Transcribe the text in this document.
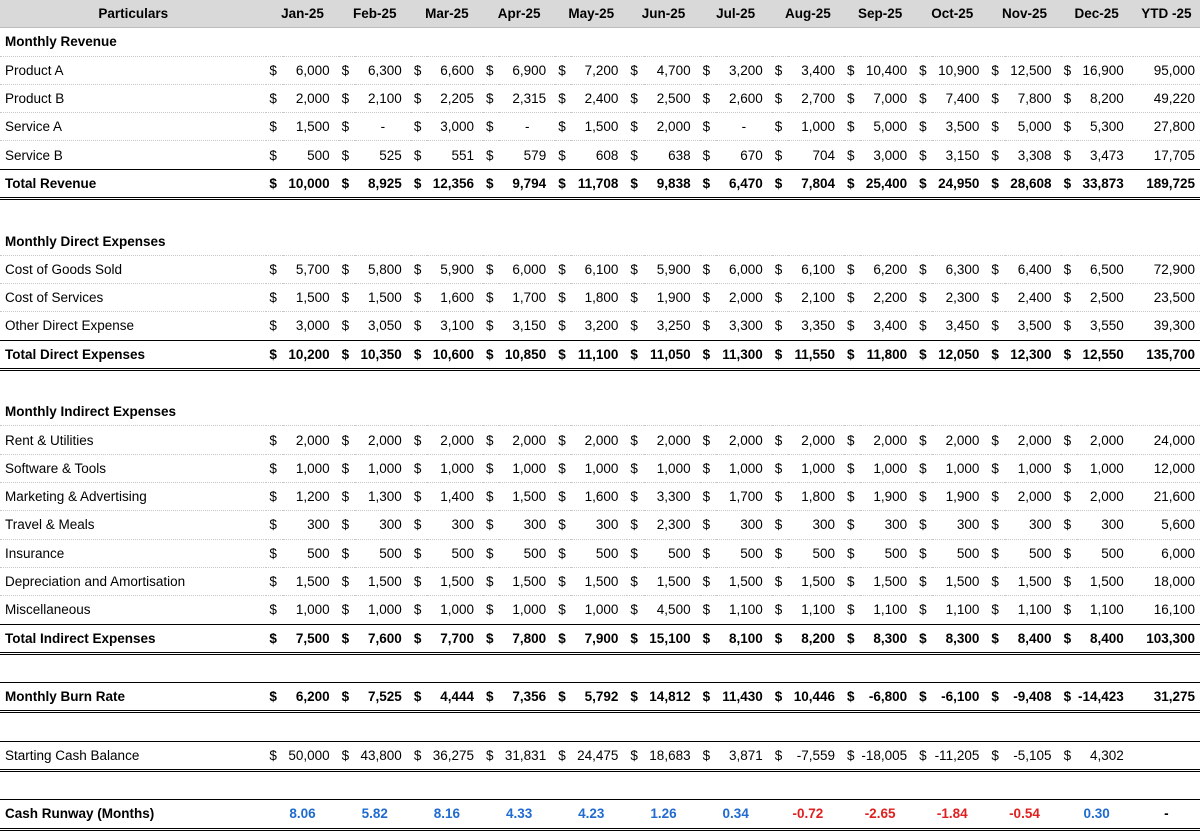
Particulars	Jan-25		Feb-25		Mar-25		Apr-25		May-25		Jun-25		Jul-25		Aug-25		Sep-25		Oct-25		Nov-25		Dec-25		YTD -25
Monthly Revenue																									
Product A	$	6,000	$	6,300	$	6,600	$	6,900	$	7,200	$	4,700	$	3,200	$	3,400	$	10,400	$	10,900	$	12,500	$	16,900	95,000
Product B	$	2,000	$	2,100	$	2,205	$	2,315	$	2,400	$	2,500	$	2,600	$	2,700	$	7,000	$	7,400	$	7,800	$	8,200	49,220
Service A	$	1,500	$	-	$	3,000	$	-	$	1,500	$	2,000	$	-	$	1,000	$	5,000	$	3,500	$	5,000	$	5,300	27,800
Service B	$	500	$	525	$	551	$	579	$	608	$	638	$	670	$	704	$	3,000	$	3,150	$	3,308	$	3,473	17,705
Total Revenue	$	10,000	$	8,925	$	12,356	$	9,794	$	11,708	$	9,838	$	6,470	$	7,804	$	25,400	$	24,950	$	28,608	$	33,873	189,725

Monthly Direct Expenses																									
Cost of Goods Sold	$	5,700	$	5,800	$	5,900	$	6,000	$	6,100	$	5,900	$	6,000	$	6,100	$	6,200	$	6,300	$	6,400	$	6,500	72,900
Cost of Services	$	1,500	$	1,500	$	1,600	$	1,700	$	1,800	$	1,900	$	2,000	$	2,100	$	2,200	$	2,300	$	2,400	$	2,500	23,500
Other Direct Expense	$	3,000	$	3,050	$	3,100	$	3,150	$	3,200	$	3,250	$	3,300	$	3,350	$	3,400	$	3,450	$	3,500	$	3,550	39,300
Total Direct Expenses	$	10,200	$	10,350	$	10,600	$	10,850	$	11,100	$	11,050	$	11,300	$	11,550	$	11,800	$	12,050	$	12,300	$	12,550	135,700

Monthly Indirect Expenses																									
Rent & Utilities	$	2,000	$	2,000	$	2,000	$	2,000	$	2,000	$	2,000	$	2,000	$	2,000	$	2,000	$	2,000	$	2,000	$	2,000	24,000
Software & Tools	$	1,000	$	1,000	$	1,000	$	1,000	$	1,000	$	1,000	$	1,000	$	1,000	$	1,000	$	1,000	$	1,000	$	1,000	12,000
Marketing & Advertising	$	1,200	$	1,300	$	1,400	$	1,500	$	1,600	$	3,300	$	1,700	$	1,800	$	1,900	$	1,900	$	2,000	$	2,000	21,600
Travel & Meals	$	300	$	300	$	300	$	300	$	300	$	2,300	$	300	$	300	$	300	$	300	$	300	$	300	5,600
Insurance	$	500	$	500	$	500	$	500	$	500	$	500	$	500	$	500	$	500	$	500	$	500	$	500	6,000
Depreciation and Amortisation	$	1,500	$	1,500	$	1,500	$	1,500	$	1,500	$	1,500	$	1,500	$	1,500	$	1,500	$	1,500	$	1,500	$	1,500	18,000
Miscellaneous	$	1,000	$	1,000	$	1,000	$	1,000	$	1,000	$	4,500	$	1,100	$	1,100	$	1,100	$	1,100	$	1,100	$	1,100	16,100
Total Indirect Expenses	$	7,500	$	7,600	$	7,700	$	7,800	$	7,900	$	15,100	$	8,100	$	8,200	$	8,300	$	8,300	$	8,400	$	8,400	103,300

Monthly Burn Rate	$	6,200	$	7,525	$	4,444	$	7,356	$	5,792	$	14,812	$	11,430	$	10,446	$	-6,800	$	-6,100	$	-9,408	$	-14,423	31,275

Starting Cash Balance	$	50,000	$	43,800	$	36,275	$	31,831	$	24,475	$	18,683	$	3,871	$	-7,559	$	-18,005	$	-11,205	$	-5,105	$	4,302	

Cash Runway (Months)	8.06		5.82		8.16		4.33		4.23		1.26		0.34		-0.72		-2.65		-1.84		-0.54		0.30		-
